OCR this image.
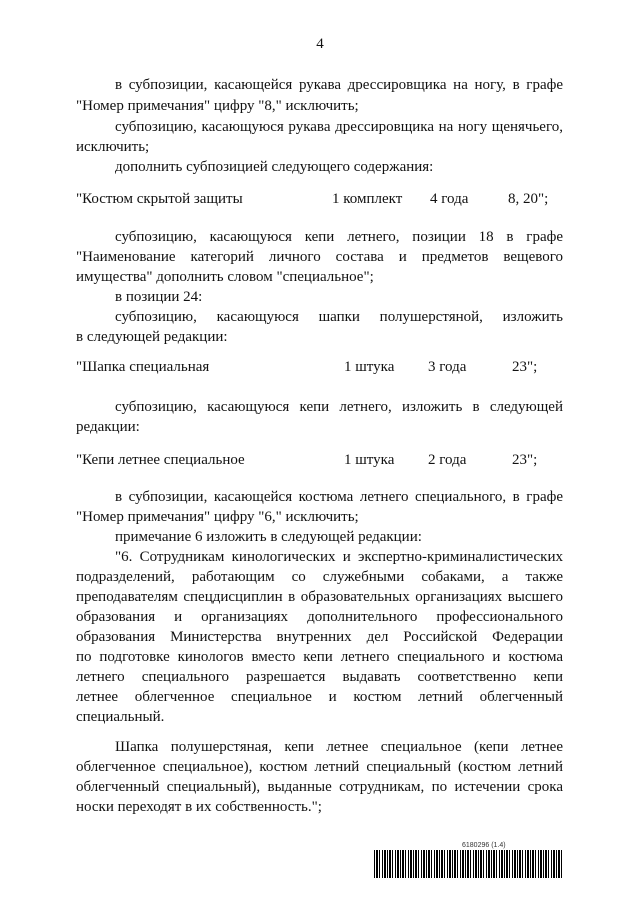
4
в субпозиции, касающейся рукава дрессировщика на ногу, в графе
"Номер примечания" цифру "8," исключить;
субпозицию, касающуюся рукава дрессировщика на ногу щенячьего,
исключить;
дополнить субпозицией следующего содержания:
"Костюм скрытой защиты	1 комплект 4 года	8, 20";
субпозицию, касающуюся кепи летнего, позиции 18 в графе
"Наименование категорий личного состава и предметов вещевого
имущества" дополнить словом "специальное";
в позиции 24:
субпозицию, касающуюся шапки полушерстяной, изложить
в следующей редакции:
"Шапка специальная	1 штука 3 года	23";
субпозицию, касающуюся кепи летнего, изложить в следующей
редакции:
"Кепи летнее специальное	1 штука 2 года	23";
в субпозиции, касающейся костюма летнего специального, в графе
"Номер примечания" цифру "6," исключить;
примечание 6 изложить в следующей редакции:
"6. Сотрудникам кинологических и экспертно-криминалистических
подразделений, работающим со служебными собаками, а также
преподавателям спецдисциплин в образовательных организациях высшего
образования и организациях дополнительного профессионального
образования Министерства внутренних дел Российской Федерации
по подготовке кинологов вместо кепи летнего специального и костюма
летнего специального разрешается выдавать соответственно кепи
летнее облегченное специальное и костюм летний облегченный
специальный.
Шапка полушерстяная, кепи летнее специальное (кепи летнее
облегченное специальное), костюм летний специальный (костюм летний
облегченный специальный), выданные сотрудникам, по истечении срока
носки переходят в их собственность.";
6180296 (1.4)
